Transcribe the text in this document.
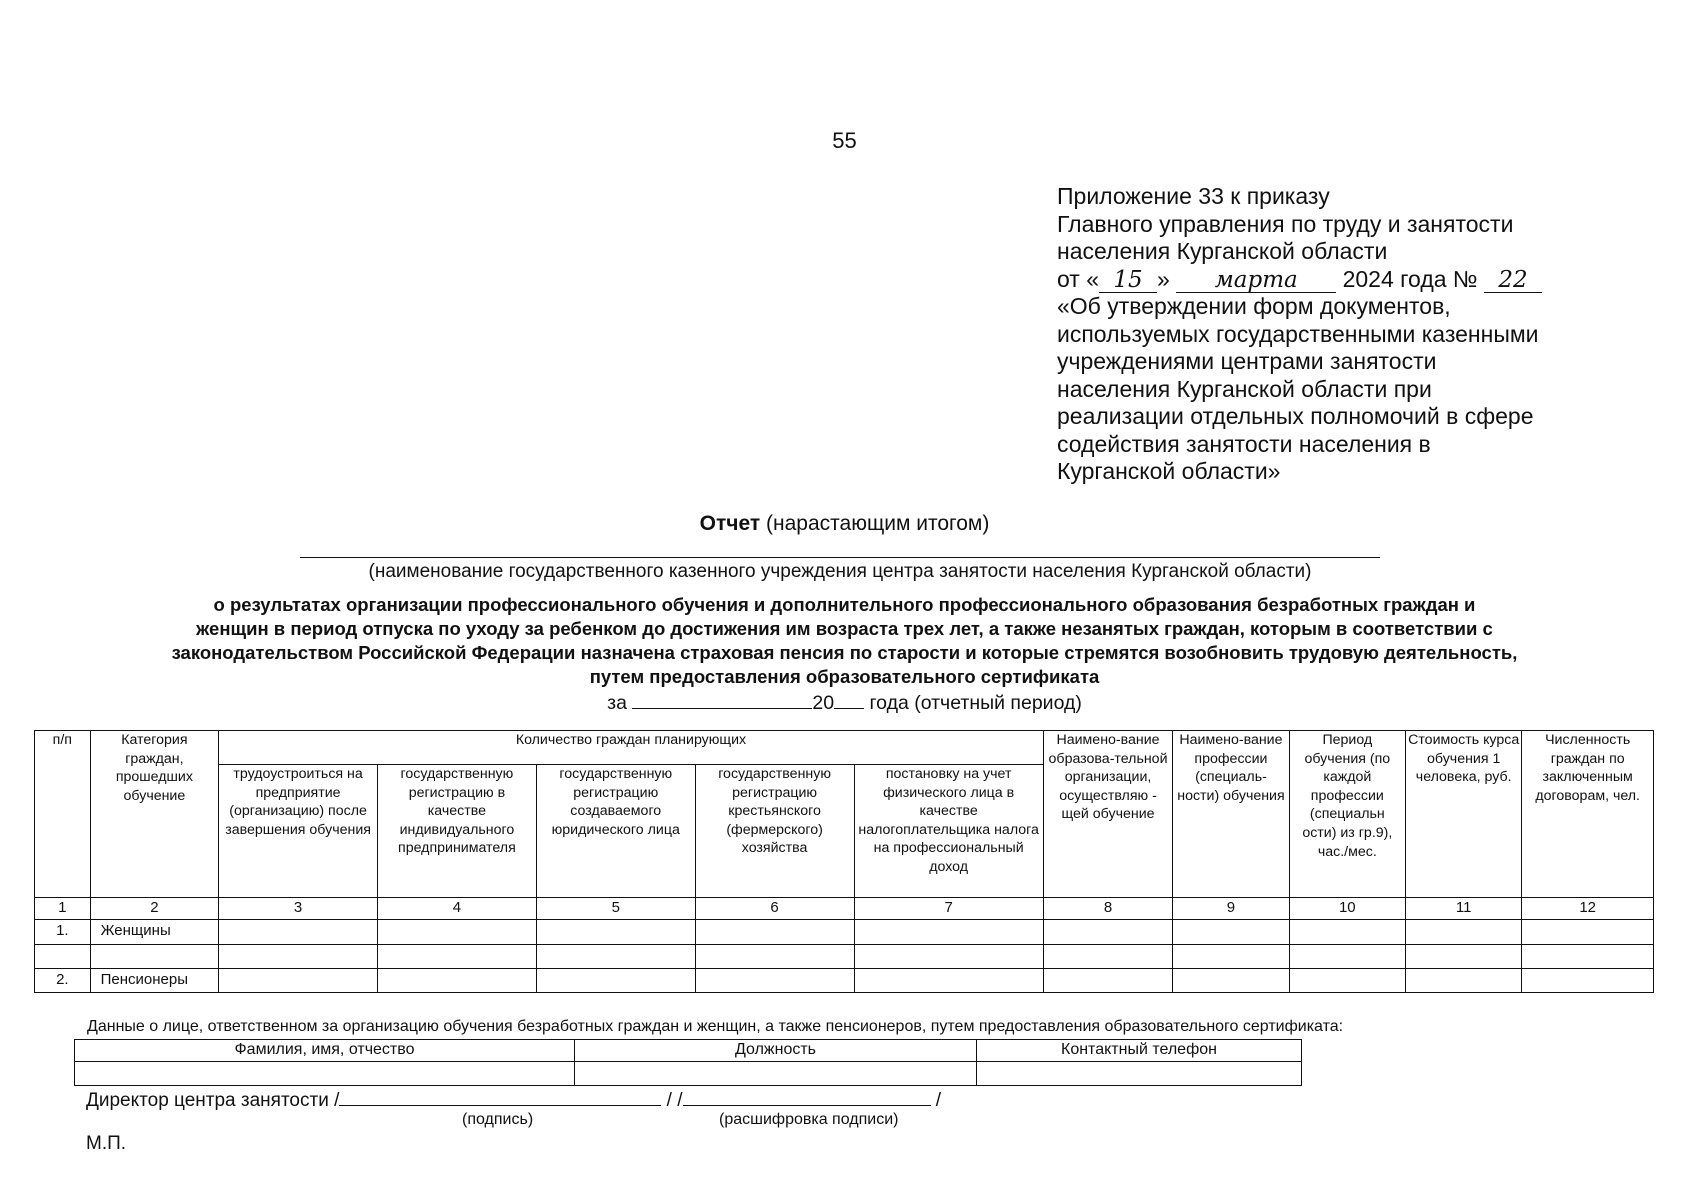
55
Приложение 33 к приказу
Главного управления по труду и занятости
населения Курганской области
от « 15 » марта 2024 года № 22
«Об утверждении форм документов,
используемых государственными казенными
учреждениями центрами занятости
населения Курганской области при
реализации отдельных полномочий в сфере
содействия занятости населения в
Курганской области»
Отчет (нарастающим итогом)
(наименование государственного казенного учреждения центра занятости населения Курганской области)
о результатах организации профессионального обучения и дополнительного профессионального образования безработных граждан и
женщин в период отпуска по уходу за ребенком до достижения им возраста трех лет, а также незанятых граждан, которым в соответствии с
законодательством Российской Федерации назначена страховая пенсия по старости и которые стремятся возобновить трудовую деятельность,
путем предоставления образовательного сертификата
за	20 года (отчетный период)
п/п	Категория граждан, прошедших обучение	Количество граждан планирующих					Наимено-вание образова-тельной организации, осуществляю - щей обучение	Наимено-вание профессии (специаль-ности) обучения	Период обучения (по каждой профессии (специальн ости) из гр.9), час./мес.	Стоимость курса обучения 1 человека, руб.	Численность граждан по заключенным договорам, чел.
		трудоустроиться на предприятие (организацию) после завершения обучения	государственную регистрацию в качестве индивидуального предпринимателя	государственную регистрацию создаваемого юридического лица	государственную регистрацию крестьянского (фермерского) хозяйства	постановку на учет физического лица в качестве налогоплательщика налога на профессиональный доход					
1	2	3	4	5	6	7	8	9	10	11	12
1.	Женщины										

2.	Пенсионеры										
Данные о лице, ответственном за организацию обучения безработных граждан и женщин, а также пенсионеров, путем предоставления образовательного сертификата:
Фамилия, имя, отчество	Должность	Контактный телефон

Директор центра занятости /	/ /	/
(подпись)	(расшифровка подписи)
М.П.
